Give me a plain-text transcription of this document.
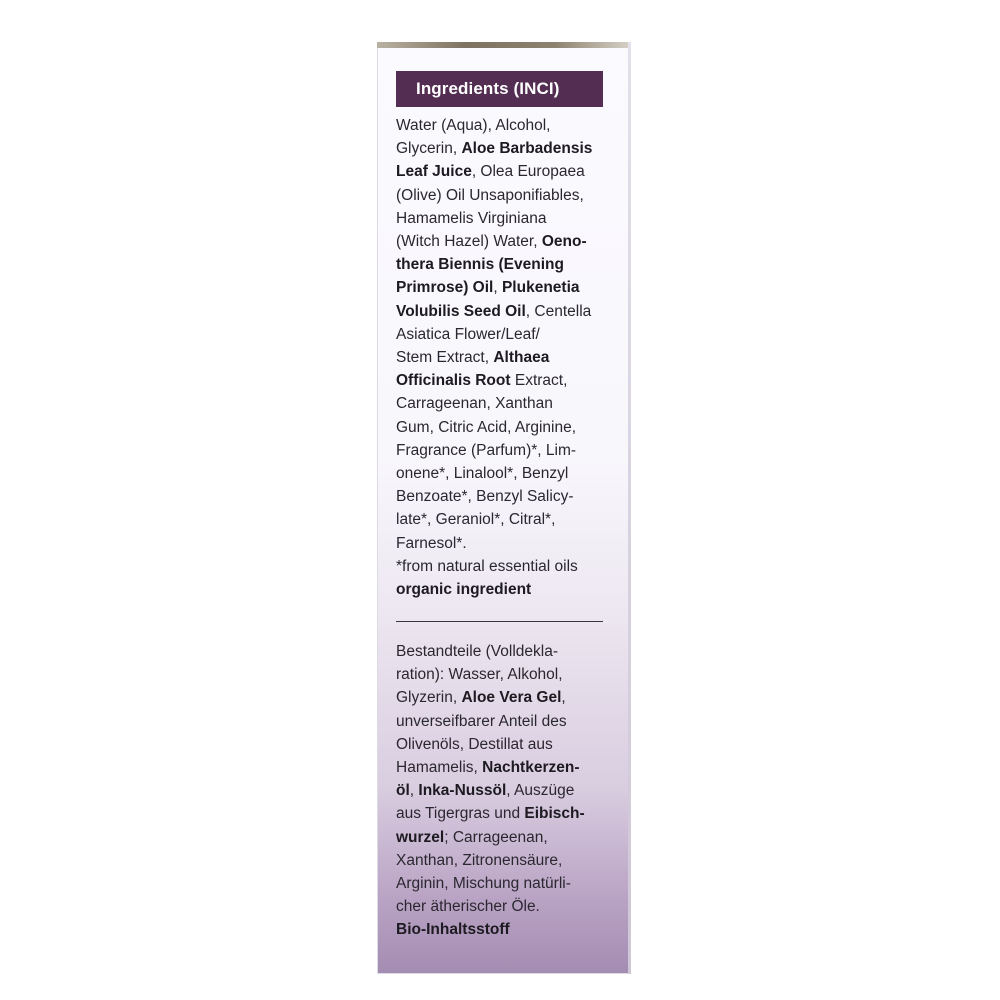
Ingredients (INCI)
Water (Aqua), Alcohol,
Glycerin, Aloe Barbadensis
Leaf Juice, Olea Europaea
(Olive) Oil Unsaponifiables,
Hamamelis Virginiana
(Witch Hazel) Water, Oeno-
thera Biennis (Evening
Primrose) Oil, Plukenetia
Volubilis Seed Oil, Centella
Asiatica Flower/Leaf/
Stem Extract, Althaea
Officinalis Root Extract,
Carrageenan, Xanthan
Gum, Citric Acid, Arginine,
Fragrance (Parfum)*, Lim-
onene*, Linalool*, Benzyl
Benzoate*, Benzyl Salicy-
late*, Geraniol*, Citral*,
Farnesol*.
*from natural essential oils
organic ingredient
Bestandteile (Volldekla-
ration): Wasser, Alkohol,
Glyzerin, Aloe Vera Gel,
unverseifbarer Anteil des
Olivenöls, Destillat aus
Hamamelis, Nachtkerzen-
öl, Inka-Nussöl, Auszüge
aus Tigergras und Eibisch-
wurzel; Carrageenan,
Xanthan, Zitronensäure,
Arginin, Mischung natürli-
cher ätherischer Öle.
Bio-Inhaltsstoff
